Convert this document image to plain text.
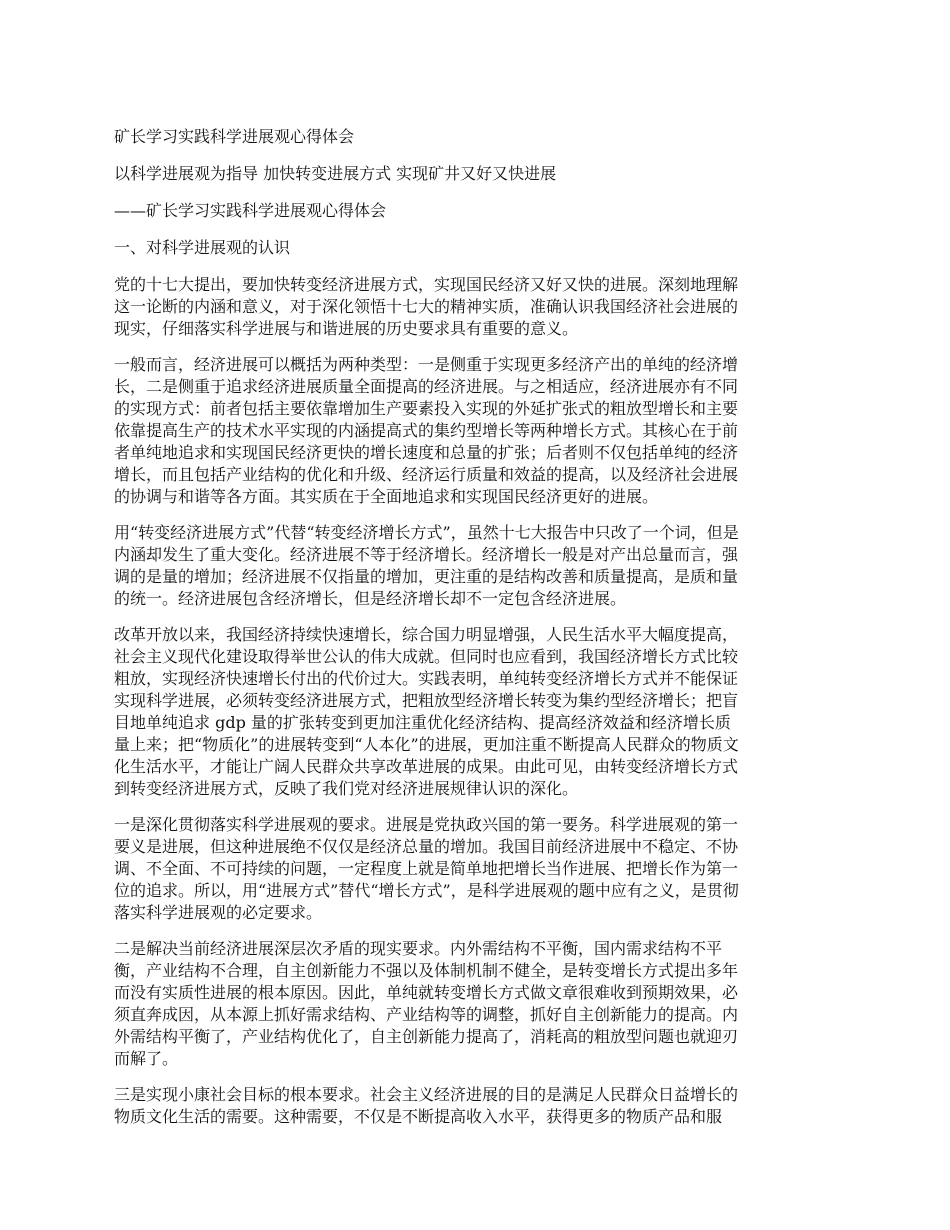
矿长学习实践科学进展观心得体会
以科学进展观为指导 加快转变进展方式 实现矿井又好又快进展
——矿长学习实践科学进展观心得体会
一、对科学进展观的认识
党的十七大提出，要加快转变经济进展方式，实现国民经济又好又快的进展。深刻地理解
这一论断的内涵和意义，对于深化领悟十七大的精神实质，准确认识我国经济社会进展的
现实，仔细落实科学进展与和谐进展的历史要求具有重要的意义。
一般而言，经济进展可以概括为两种类型：一是侧重于实现更多经济产出的单纯的经济增
长，二是侧重于追求经济进展质量全面提高的经济进展。与之相适应，经济进展亦有不同
的实现方式：前者包括主要依靠增加生产要素投入实现的外延扩张式的粗放型增长和主要
依靠提高生产的技术水平实现的内涵提高式的集约型增长等两种增长方式。其核心在于前
者单纯地追求和实现国民经济更快的增长速度和总量的扩张；后者则不仅包括单纯的经济
增长，而且包括产业结构的优化和升级、经济运行质量和效益的提高，以及经济社会进展
的协调与和谐等各方面。其实质在于全面地追求和实现国民经济更好的进展。
用“转变经济进展方式”代替“转变经济增长方式”，虽然十七大报告中只改了一个词，但是
内涵却发生了重大变化。经济进展不等于经济增长。经济增长一般是对产出总量而言，强
调的是量的增加；经济进展不仅指量的增加，更注重的是结构改善和质量提高，是质和量
的统一。经济进展包含经济增长，但是经济增长却不一定包含经济进展。
改革开放以来，我国经济持续快速增长，综合国力明显增强，人民生活水平大幅度提高，
社会主义现代化建设取得举世公认的伟大成就。但同时也应看到，我国经济增长方式比较
粗放，实现经济快速增长付出的代价过大。实践表明，单纯转变经济增长方式并不能保证
实现科学进展，必须转变经济进展方式，把粗放型经济增长转变为集约型经济增长；把盲
目地单纯追求 gdp 量的扩张转变到更加注重优化经济结构、提高经济效益和经济增长质
量上来；把“物质化”的进展转变到“人本化”的进展，更加注重不断提高人民群众的物质文
化生活水平，才能让广阔人民群众共享改革进展的成果。由此可见，由转变经济增长方式
到转变经济进展方式，反映了我们党对经济进展规律认识的深化。
一是深化贯彻落实科学进展观的要求。进展是党执政兴国的第一要务。科学进展观的第一
要义是进展，但这种进展绝不仅仅是经济总量的增加。我国目前经济进展中不稳定、不协
调、不全面、不可持续的问题，一定程度上就是简单地把增长当作进展、把增长作为第一
位的追求。所以，用“进展方式”替代“增长方式”，是科学进展观的题中应有之义，是贯彻
落实科学进展观的必定要求。
二是解决当前经济进展深层次矛盾的现实要求。内外需结构不平衡，国内需求结构不平
衡，产业结构不合理，自主创新能力不强以及体制机制不健全，是转变增长方式提出多年
而没有实质性进展的根本原因。因此，单纯就转变增长方式做文章很难收到预期效果，必
须直奔成因，从本源上抓好需求结构、产业结构等的调整，抓好自主创新能力的提高。内
外需结构平衡了，产业结构优化了，自主创新能力提高了，消耗高的粗放型问题也就迎刃
而解了。
三是实现小康社会目标的根本要求。社会主义经济进展的目的是满足人民群众日益增长的
物质文化生活的需要。这种需要，不仅是不断提高收入水平，获得更多的物质产品和服
